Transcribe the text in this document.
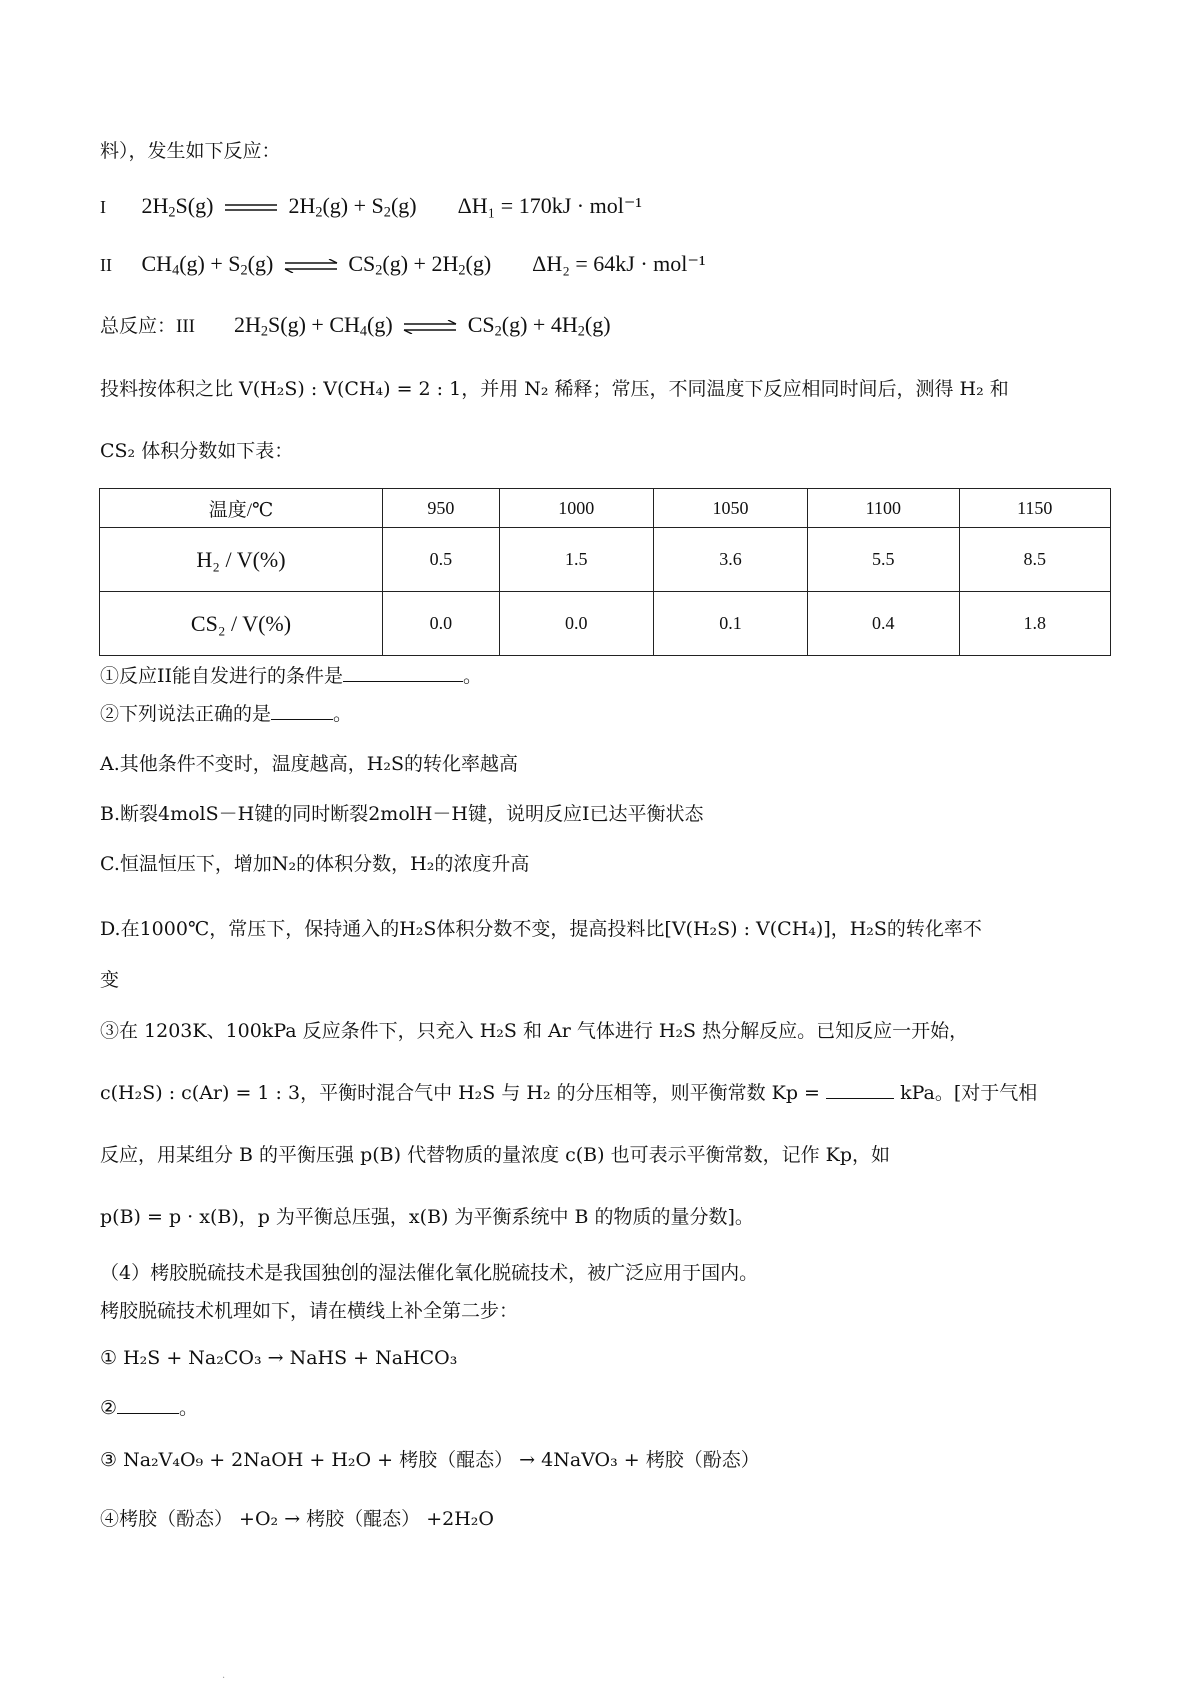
料），发生如下反应：
I $2H_2S(g)$	$2H_2(g) + S_2(g) \Delta H_1 = 170kJ \cdot mol^{-1}$
II $CH_4(g) + S_2(g)$ ⇌ $CS_2(g) + 2H_2(g) \Delta H_2 = 64kJ \cdot mol^{-1}$
总反应：III $2H_2S(g) + CH_4(g)$ ⇌ $CS_2(g) + 4H_2(g)$
投料按体积之比 V(H₂S) : V(CH₄) = 2 : 1，并用 N₂ 稀释；常压，不同温度下反应相同时间后，测得 H₂ 和
CS₂ 体积分数如下表：
温度/℃	950	1000	1050	1100	1150
H₂ / V(%)	0.5	1.5	3.6	5.5	8.5
CS₂ / V(%)	0.0	0.0	0.1	0.4	1.8
①反应II能自发进行的条件是	。
②下列说法正确的是	。
A.其他条件不变时，温度越高，H₂S的转化率越高
B.断裂4molS－H键的同时断裂2molH－H键，说明反应I已达平衡状态
C.恒温恒压下，增加N₂的体积分数，H₂的浓度升高
D.在1000℃，常压下，保持通入的H₂S体积分数不变，提高投料比[V(H₂S) : V(CH₄)]，H₂S的转化率不
变
③在 1203K、100kPa 反应条件下，只充入 H₂S 和 Ar 气体进行 H₂S 热分解反应。已知反应一开始，
c(H₂S) : c(Ar) = 1 : 3，平衡时混合气中 H₂S 与 H₂ 的分压相等，则平衡常数 Kp =	kPa。[对于气相
反应，用某组分 B 的平衡压强 p(B) 代替物质的量浓度 c(B) 也可表示平衡常数，记作 Kp，如
p(B) = p · x(B)，p 为平衡总压强，x(B) 为平衡系统中 B 的物质的量分数]。
（4）栲胶脱硫技术是我国独创的湿法催化氧化脱硫技术，被广泛应用于国内。
栲胶脱硫技术机理如下，请在横线上补全第二步：
① H₂S + Na₂CO₃ → NaHS + NaHCO₃
②	。
③ Na₂V₄O₉ + 2NaOH + H₂O + 栲胶（醌态） → 4NaVO₃ + 栲胶（酚态）
④栲胶（酚态） +O₂ → 栲胶（醌态） +2H₂O
.
